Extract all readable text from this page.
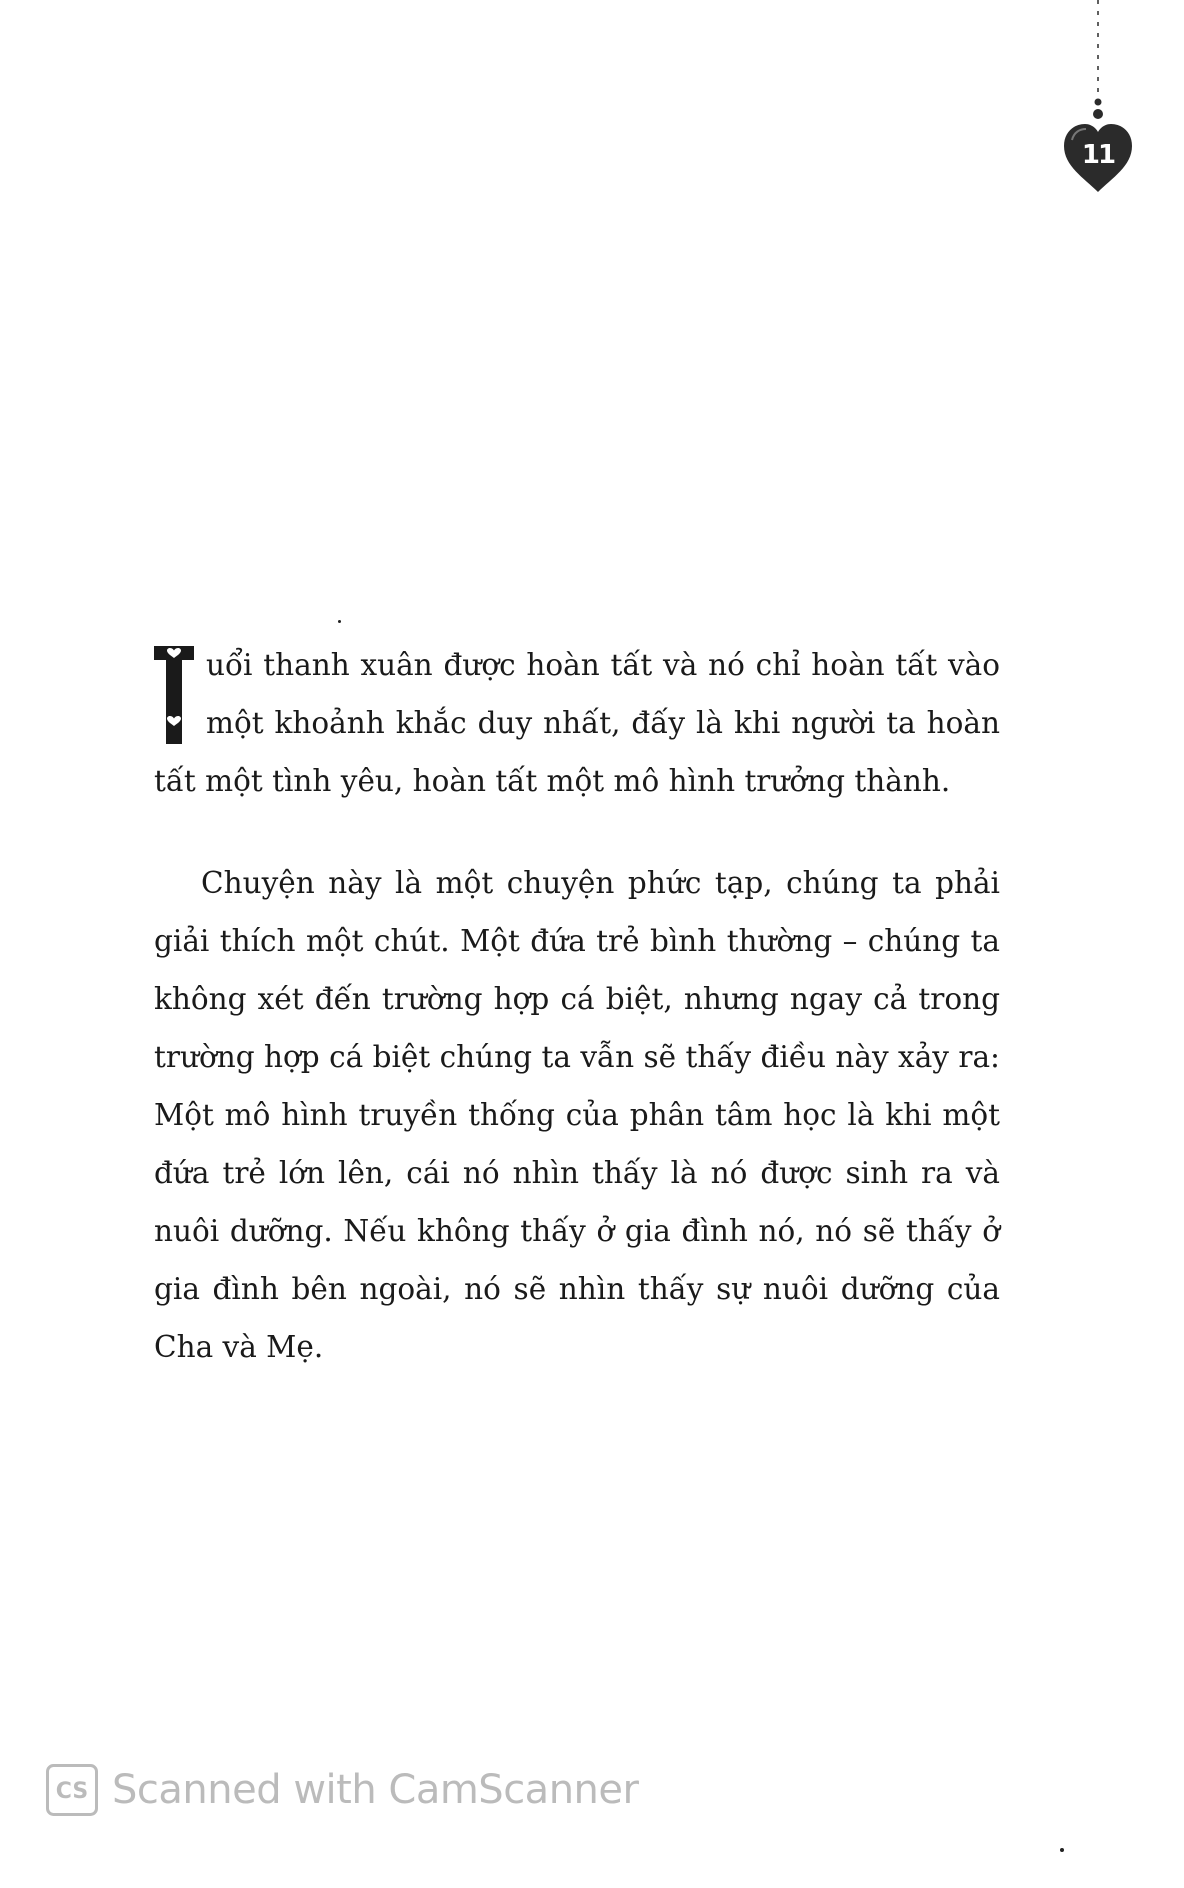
11

uổi thanh xuân được hoàn tất và nó chỉ hoàn tất vào một khoảnh khắc duy nhất, đấy là khi người ta hoàn tất một tình yêu, hoàn tất một mô hình trưởng thành.

Chuyện này là một chuyện phức tạp, chúng ta phải giải thích một chút. Một đứa trẻ bình thường – chúng ta không xét đến trường hợp cá biệt, nhưng ngay cả trong trường hợp cá biệt chúng ta vẫn sẽ thấy điều này xảy ra: Một mô hình truyền thống của phân tâm học là khi một đứa trẻ lớn lên, cái nó nhìn thấy là nó được sinh ra và nuôi dưỡng. Nếu không thấy ở gia đình nó, nó sẽ thấy ở gia đình bên ngoài, nó sẽ nhìn thấy sự nuôi dưỡng của Cha và Mẹ.

CS Scanned with CamScanner
